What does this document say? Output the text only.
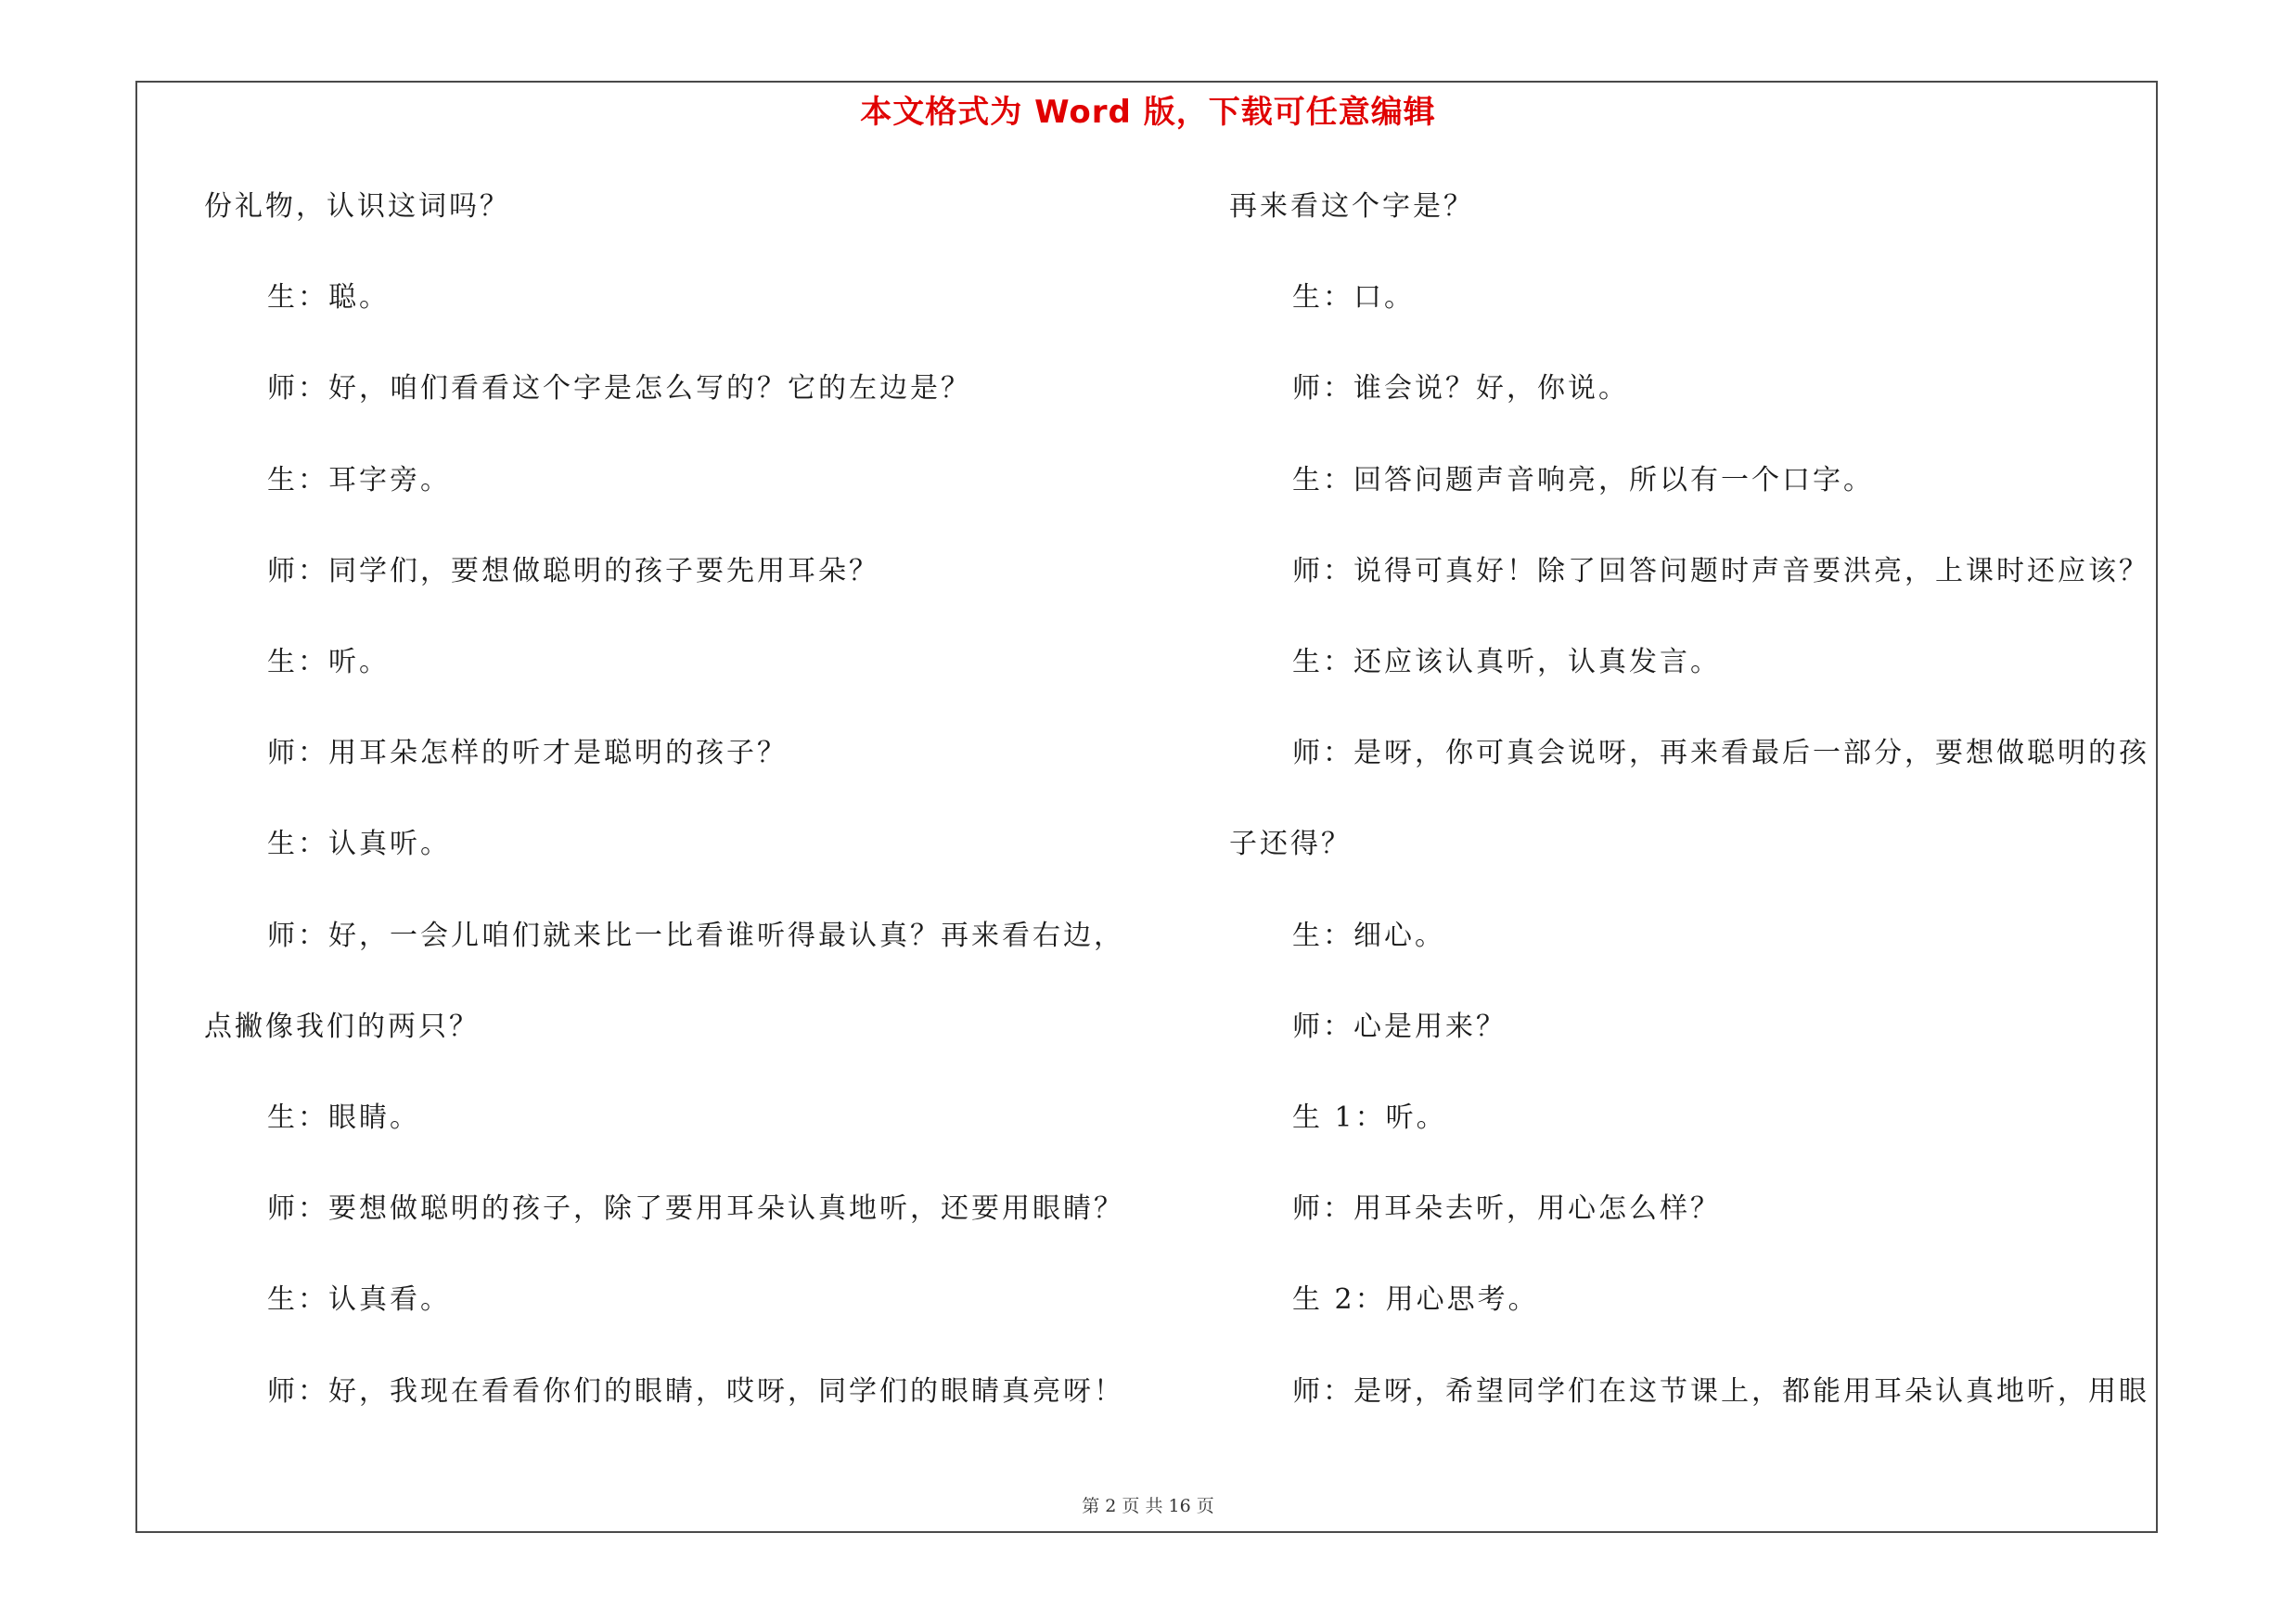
本文格式为 Word 版，下载可任意编辑
份礼物，认识这词吗？
生：聪。
师：好，咱们看看这个字是怎么写的？它的左边是？
生：耳字旁。
师：同学们，要想做聪明的孩子要先用耳朵？
生：听。
师：用耳朵怎样的听才是聪明的孩子？
生：认真听。
师：好，一会儿咱们就来比一比看谁听得最认真？再来看右边，
点撇像我们的两只？
生：眼睛。
师：要想做聪明的孩子，除了要用耳朵认真地听，还要用眼睛？
生：认真看。
师：好，我现在看看你们的眼睛，哎呀，同学们的眼睛真亮呀！
再来看这个字是？
生：口。
师：谁会说？好，你说。
生：回答问题声音响亮，所以有一个口字。
师：说得可真好！除了回答问题时声音要洪亮，上课时还应该？
生：还应该认真听，认真发言。
师：是呀，你可真会说呀，再来看最后一部分，要想做聪明的孩
子还得？
生：细心。
师：心是用来？
生 1：听。
师：用耳朵去听，用心怎么样？
生 2：用心思考。
师：是呀，希望同学们在这节课上，都能用耳朵认真地听，用眼
第 2 页 共 16 页
